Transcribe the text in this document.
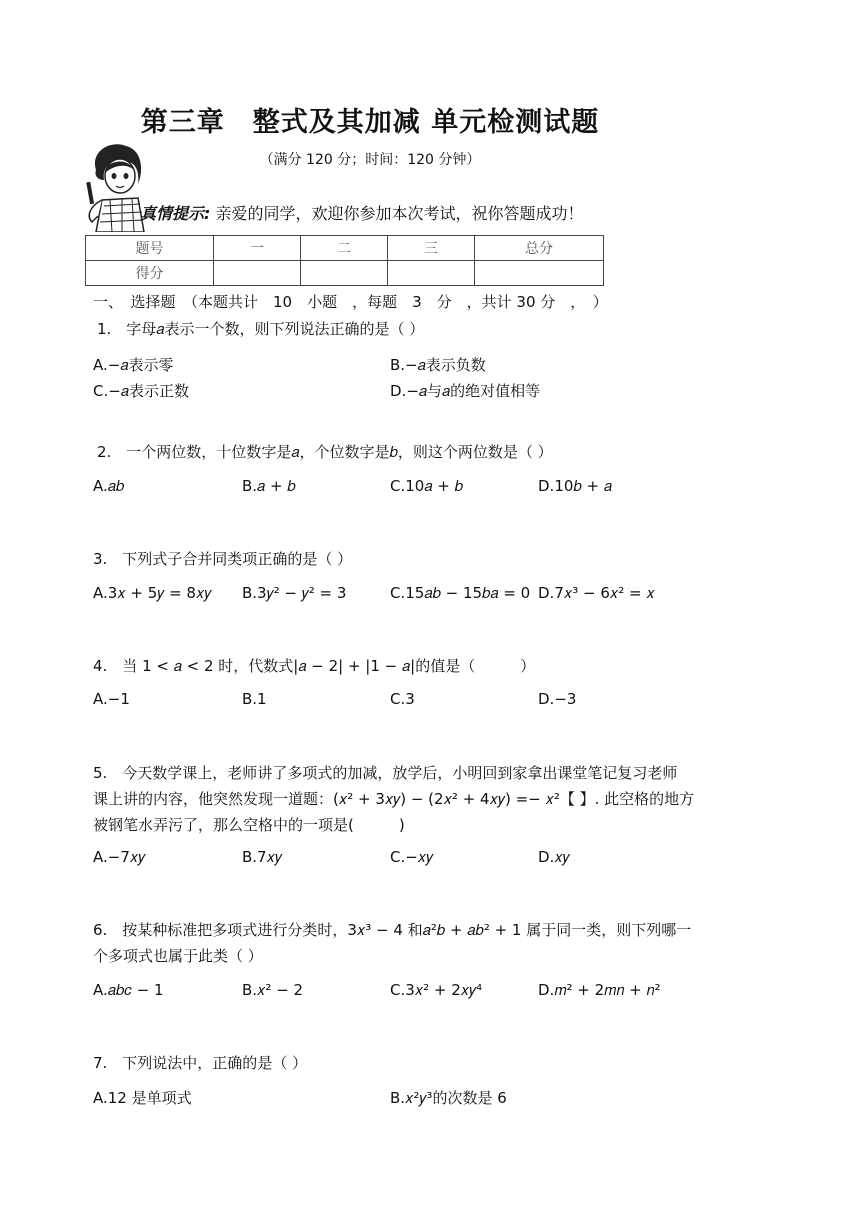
第三章　整式及其加减 单元检测试题
（满分 120 分；时间：120 分钟）
真情提示: 亲爱的同学，欢迎你参加本次考试，祝你答题成功！
题号	一	二	三	总分
得分				
一、　选择题　（本题共计　10　小题　，每题　3　分　，共计 30 分　，　）
1.　字母𝑎表示一个数，则下列说法正确的是（ ）
A.−𝑎表示零	B.−𝑎表示负数
C.−𝑎表示正数	D.−𝑎与𝑎的绝对值相等
2.　一个两位数，十位数字是𝑎，个位数字是𝑏，则这个两位数是（ ）
A.𝑎𝑏	B.𝑎 + 𝑏	C.10𝑎 + 𝑏	D.10𝑏 + 𝑎
3.　下列式子合并同类项正确的是（ ）
A.3𝑥 + 5𝑦 = 8𝑥𝑦 B.3𝑦² − 𝑦² = 3	C.15𝑎𝑏 − 15𝑏𝑎 = 0 D.7𝑥³ − 6𝑥² = 𝑥
4.　当 1 < 𝑎 < 2 时，代数式|𝑎 − 2| + |1 − 𝑎|的值是（　　　）
A.−1	B.1	C.3	D.−3
5.　今天数学课上，老师讲了多项式的加减，放学后，小明回到家拿出课堂笔记复习老师
课上讲的内容，他突然发现一道题：(𝑥² + 3𝑥𝑦) − (2𝑥² + 4𝑥𝑦) =− 𝑥²【 】. 此空格的地方
被钢笔水弄污了，那么空格中的一项是(　　　)
A.−7𝑥𝑦	B.7𝑥𝑦	C.−𝑥𝑦	D.𝑥𝑦
6.　按某种标准把多项式进行分类时，3𝑥³ − 4 和𝑎²𝑏 + 𝑎𝑏² + 1 属于同一类，则下列哪一
个多项式也属于此类（ ）
A.𝑎𝑏𝑐 − 1	B.𝑥² − 2	C.3𝑥² + 2𝑥𝑦⁴	D.𝑚² + 2𝑚𝑛 + 𝑛²
7.　下列说法中，正确的是（ ）
A.12 是单项式	B.𝑥²𝑦³的次数是 6
